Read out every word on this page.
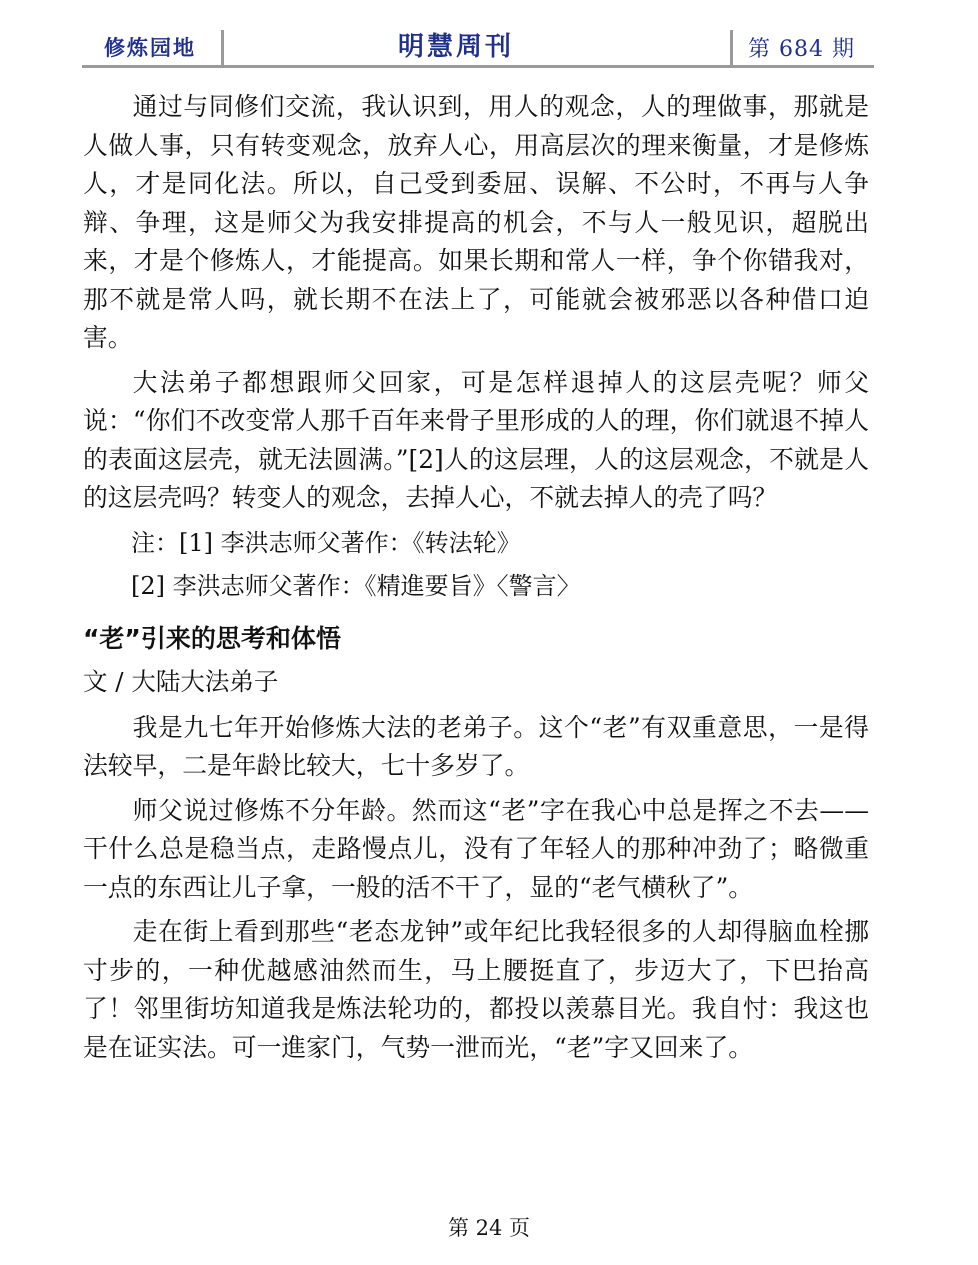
修炼园地	明慧周刊	第 684 期

通过与同修们交流，我认识到，用人的观念，人的理做事，那就是人做人事，只有转变观念，放弃人心，用高层次的理来衡量，才是修炼人，才是同化法。所以，自己受到委屈、误解、不公时，不再与人争辩、争理，这是师父为我安排提高的机会，不与人一般见识，超脱出来，才是个修炼人，才能提高。如果长期和常人一样，争个你错我对，那不就是常人吗，就长期不在法上了，可能就会被邪恶以各种借口迫害。

大法弟子都想跟师父回家，可是怎样退掉人的这层壳呢？师父说：“你们不改变常人那千百年来骨子里形成的人的理，你们就退不掉人的表面这层壳，就无法圆满。”[2]人的这层理，人的这层观念，不就是人的这层壳吗？转变人的观念，去掉人心，不就去掉人的壳了吗？

注：[1] 李洪志师父著作：《转法轮》

[2] 李洪志师父著作：《精進要旨》〈警言〉

“老”引来的思考和体悟

文 / 大陆大法弟子

我是九七年开始修炼大法的老弟子。这个“老”有双重意思，一是得法较早，二是年龄比较大，七十多岁了。

师父说过修炼不分年龄。然而这“老”字在我心中总是挥之不去——干什么总是稳当点，走路慢点儿，没有了年轻人的那种冲劲了；略微重一点的东西让儿子拿，一般的活不干了，显的“老气横秋了”。

走在街上看到那些“老态龙钟”或年纪比我轻很多的人却得脑血栓挪寸步的，一种优越感油然而生，马上腰挺直了，步迈大了，下巴抬高了！邻里街坊知道我是炼法轮功的，都投以羡慕目光。我自忖：我这也是在证实法。可一進家门，气势一泄而光，“老”字又回来了。

第 24 页
